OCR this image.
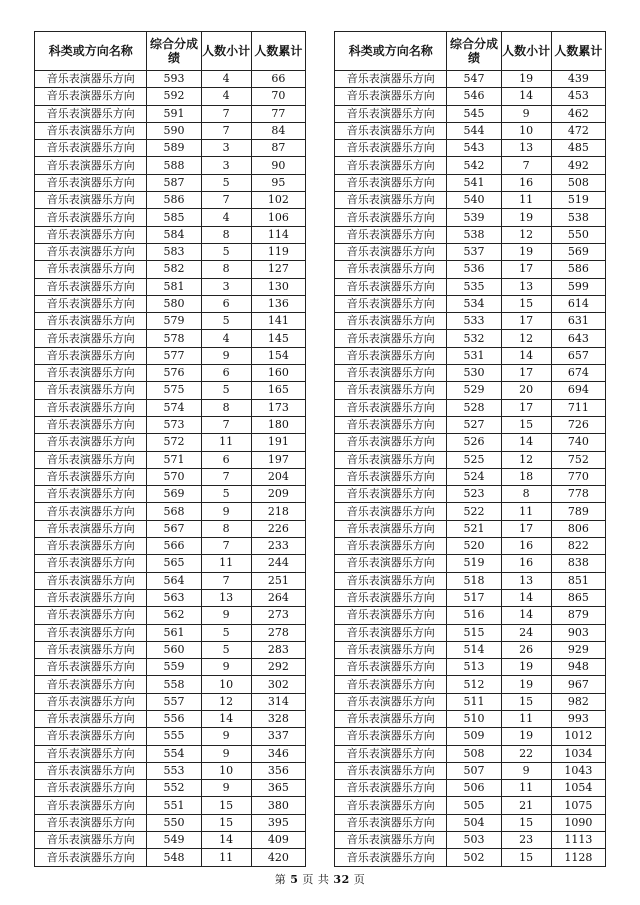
科类或方向名称	综合分成绩	人数小计	人数累计
音乐表演器乐方向	593	4	66
音乐表演器乐方向	592	4	70
音乐表演器乐方向	591	7	77
音乐表演器乐方向	590	7	84
音乐表演器乐方向	589	3	87
音乐表演器乐方向	588	3	90
音乐表演器乐方向	587	5	95
音乐表演器乐方向	586	7	102
音乐表演器乐方向	585	4	106
音乐表演器乐方向	584	8	114
音乐表演器乐方向	583	5	119
音乐表演器乐方向	582	8	127
音乐表演器乐方向	581	3	130
音乐表演器乐方向	580	6	136
音乐表演器乐方向	579	5	141
音乐表演器乐方向	578	4	145
音乐表演器乐方向	577	9	154
音乐表演器乐方向	576	6	160
音乐表演器乐方向	575	5	165
音乐表演器乐方向	574	8	173
音乐表演器乐方向	573	7	180
音乐表演器乐方向	572	11	191
音乐表演器乐方向	571	6	197
音乐表演器乐方向	570	7	204
音乐表演器乐方向	569	5	209
音乐表演器乐方向	568	9	218
音乐表演器乐方向	567	8	226
音乐表演器乐方向	566	7	233
音乐表演器乐方向	565	11	244
音乐表演器乐方向	564	7	251
音乐表演器乐方向	563	13	264
音乐表演器乐方向	562	9	273
音乐表演器乐方向	561	5	278
音乐表演器乐方向	560	5	283
音乐表演器乐方向	559	9	292
音乐表演器乐方向	558	10	302
音乐表演器乐方向	557	12	314
音乐表演器乐方向	556	14	328
音乐表演器乐方向	555	9	337
音乐表演器乐方向	554	9	346
音乐表演器乐方向	553	10	356
音乐表演器乐方向	552	9	365
音乐表演器乐方向	551	15	380
音乐表演器乐方向	550	15	395
音乐表演器乐方向	549	14	409
音乐表演器乐方向	548	11	420
科类或方向名称	综合分成绩	人数小计	人数累计
音乐表演器乐方向	547	19	439
音乐表演器乐方向	546	14	453
音乐表演器乐方向	545	9	462
音乐表演器乐方向	544	10	472
音乐表演器乐方向	543	13	485
音乐表演器乐方向	542	7	492
音乐表演器乐方向	541	16	508
音乐表演器乐方向	540	11	519
音乐表演器乐方向	539	19	538
音乐表演器乐方向	538	12	550
音乐表演器乐方向	537	19	569
音乐表演器乐方向	536	17	586
音乐表演器乐方向	535	13	599
音乐表演器乐方向	534	15	614
音乐表演器乐方向	533	17	631
音乐表演器乐方向	532	12	643
音乐表演器乐方向	531	14	657
音乐表演器乐方向	530	17	674
音乐表演器乐方向	529	20	694
音乐表演器乐方向	528	17	711
音乐表演器乐方向	527	15	726
音乐表演器乐方向	526	14	740
音乐表演器乐方向	525	12	752
音乐表演器乐方向	524	18	770
音乐表演器乐方向	523	8	778
音乐表演器乐方向	522	11	789
音乐表演器乐方向	521	17	806
音乐表演器乐方向	520	16	822
音乐表演器乐方向	519	16	838
音乐表演器乐方向	518	13	851
音乐表演器乐方向	517	14	865
音乐表演器乐方向	516	14	879
音乐表演器乐方向	515	24	903
音乐表演器乐方向	514	26	929
音乐表演器乐方向	513	19	948
音乐表演器乐方向	512	19	967
音乐表演器乐方向	511	15	982
音乐表演器乐方向	510	11	993
音乐表演器乐方向	509	19	1012
音乐表演器乐方向	508	22	1034
音乐表演器乐方向	507	9	1043
音乐表演器乐方向	506	11	1054
音乐表演器乐方向	505	21	1075
音乐表演器乐方向	504	15	1090
音乐表演器乐方向	503	23	1113
音乐表演器乐方向	502	15	1128
第 5 页 共 32 页
